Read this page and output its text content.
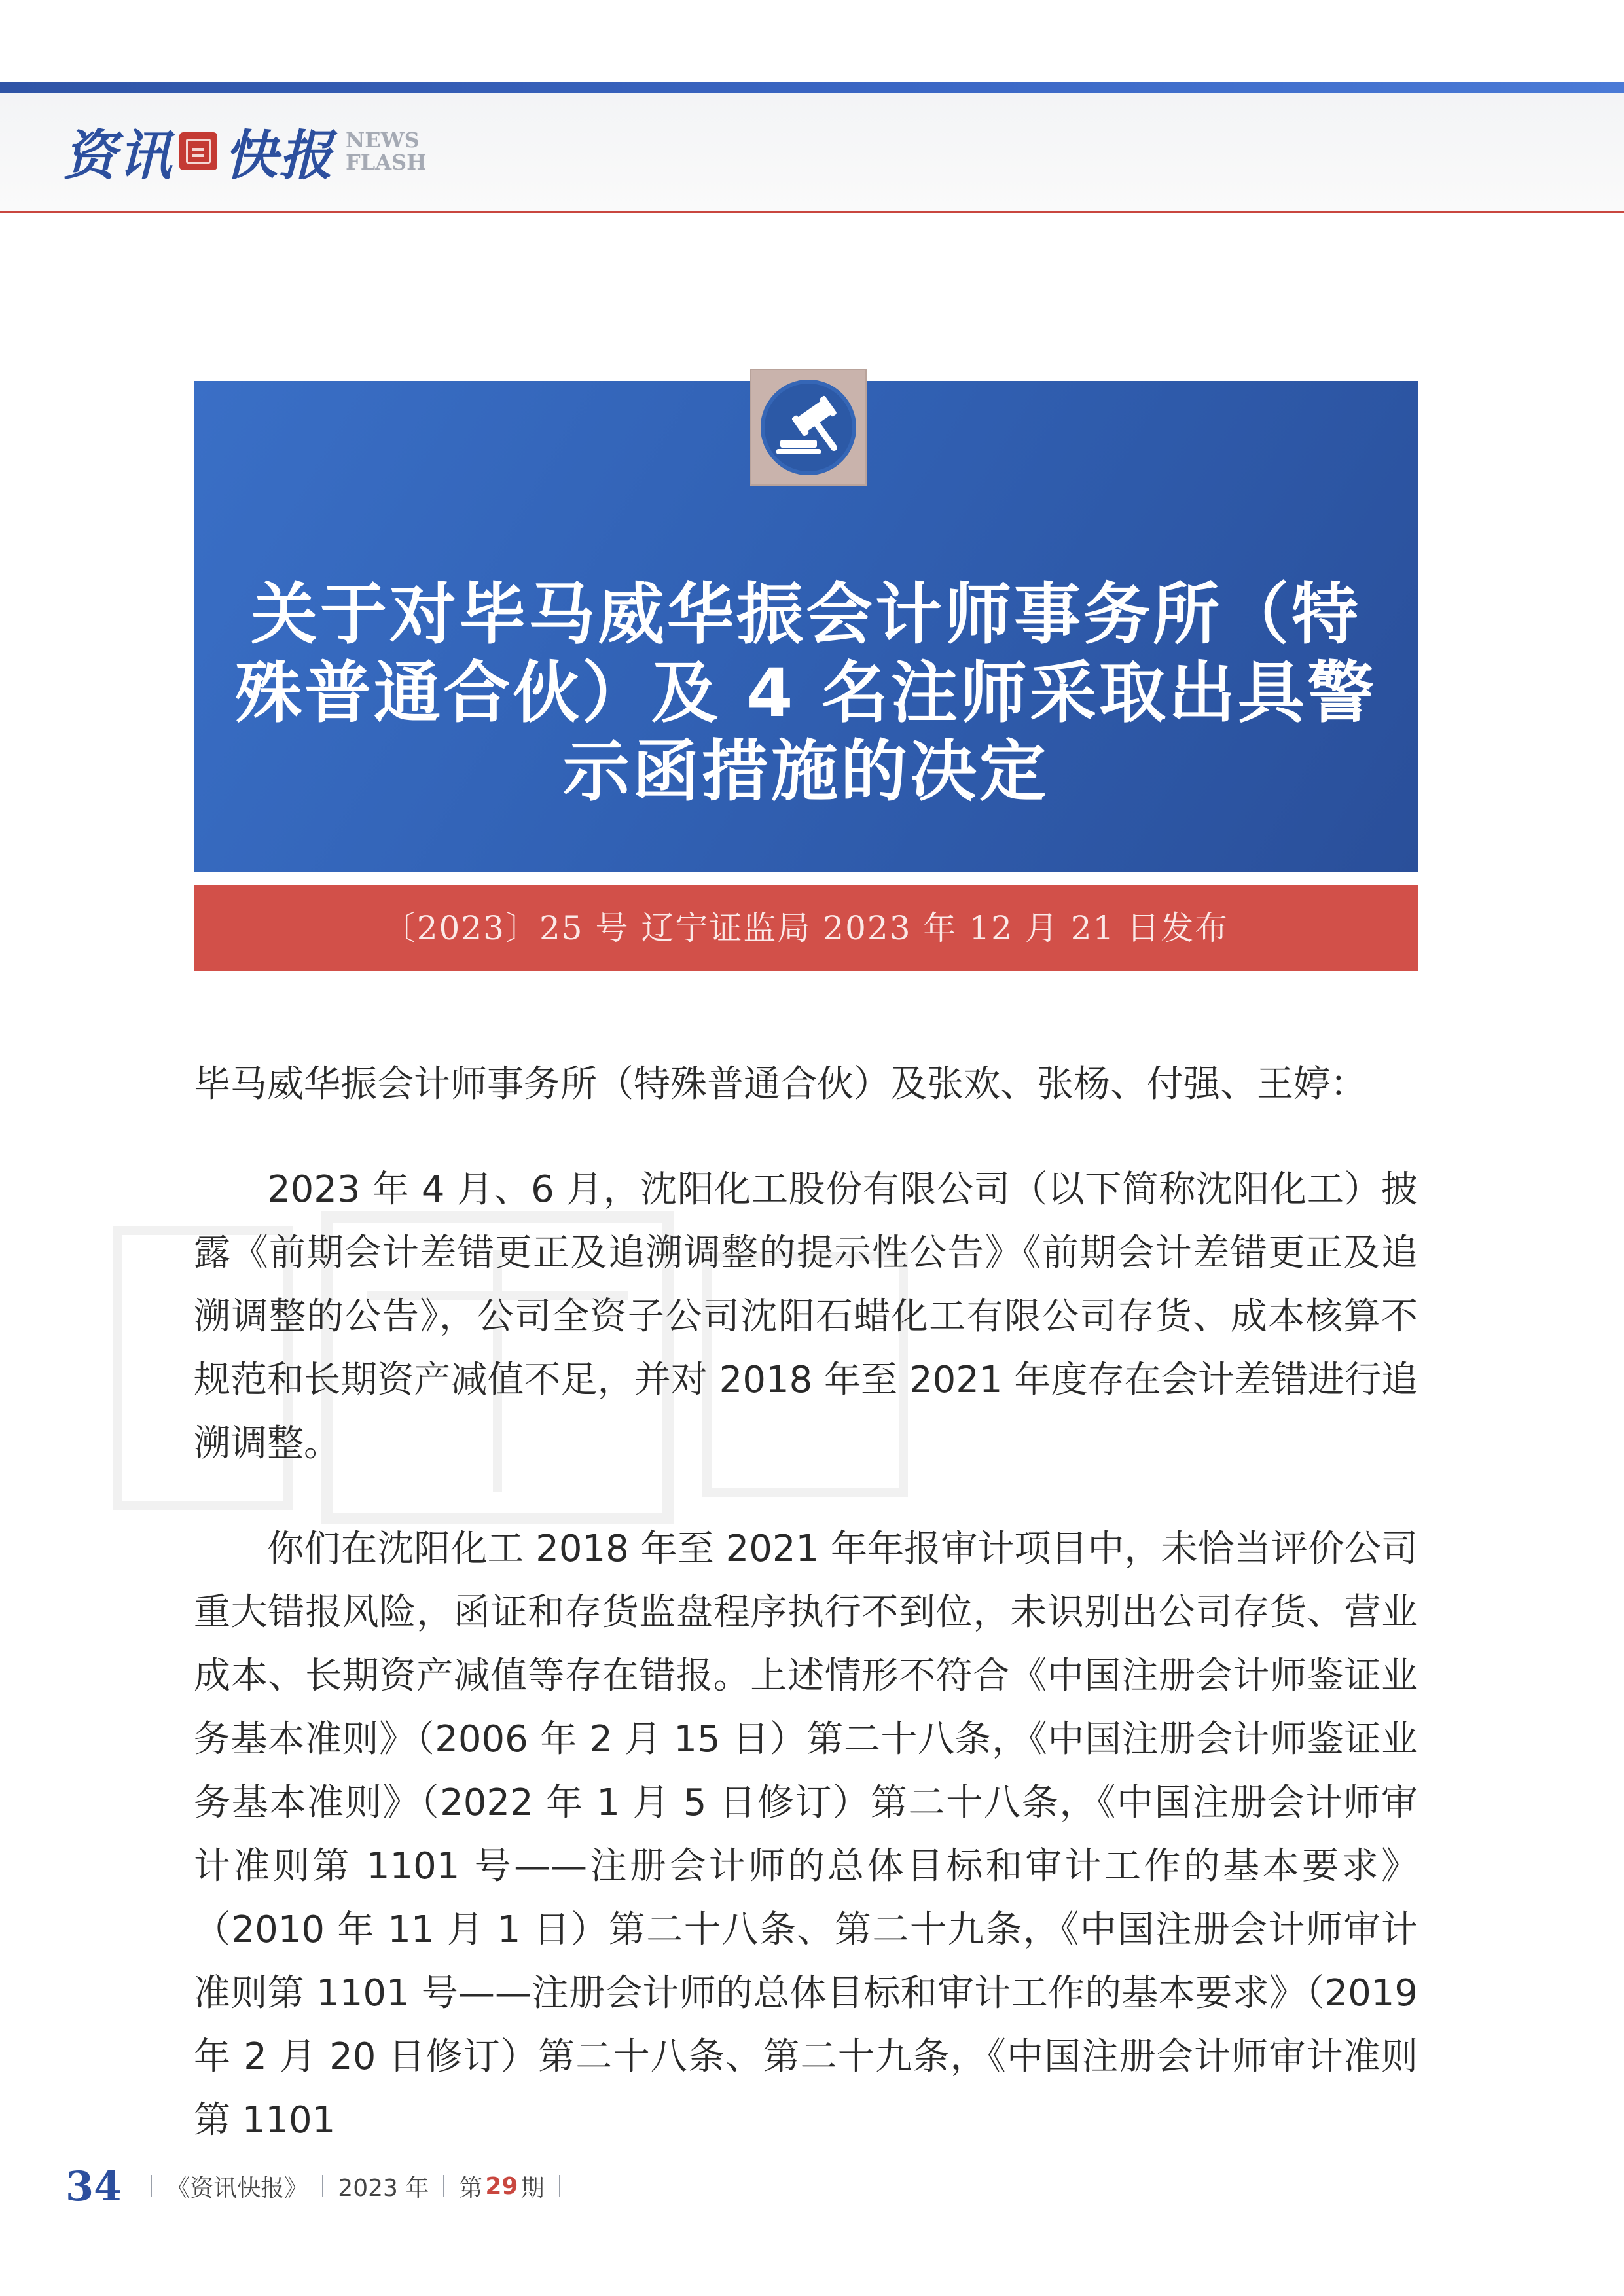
资讯 快报 NEWS
FLASH
关于对毕马威华振会计师事务所（特
殊普通合伙）及 4 名注师采取出具警
示函措施的决定
〔2023〕25 号 辽宁证监局 2023 年 12 月 21 日发布

毕马威华振会计师事务所（特殊普通合伙）及张欢、张杨、付强、王婷：

2023 年 4 月、6 月，沈阳化工股份有限公司（以下简称沈阳化工）披露《前期会计差错更正及追溯调整的提示性公告》《前期会计差错更正及追溯调整的公告》，公司全资子公司沈阳石蜡化工有限公司存货、成本核算不规范和长期资产减值不足，并对 2018 年至 2021 年度存在会计差错进行追溯调整。

你们在沈阳化工 2018 年至 2021 年年报审计项目中，未恰当评价公司重大错报风险，函证和存货监盘程序执行不到位，未识别出公司存货、营业成本、长期资产减值等存在错报。上述情形不符合《中国注册会计师鉴证业务基本准则》（2006 年 2 月 15 日）第二十八条，《中国注册会计师鉴证业务基本准则》（2022 年 1 月 5 日修订）第二十八条，《中国注册会计师审计准则第 1101 号——注册会计师的总体目标和审计工作的基本要求》（2010 年 11 月 1 日）第二十八条、第二十九条，《中国注册会计师审计准则第 1101 号——注册会计师的总体目标和审计工作的基本要求》（2019 年 2 月 20 日修订）第二十八条、第二十九条，《中国注册会计师审计准则第 1101

34 《资讯快报》 2023 年 第 29 期
